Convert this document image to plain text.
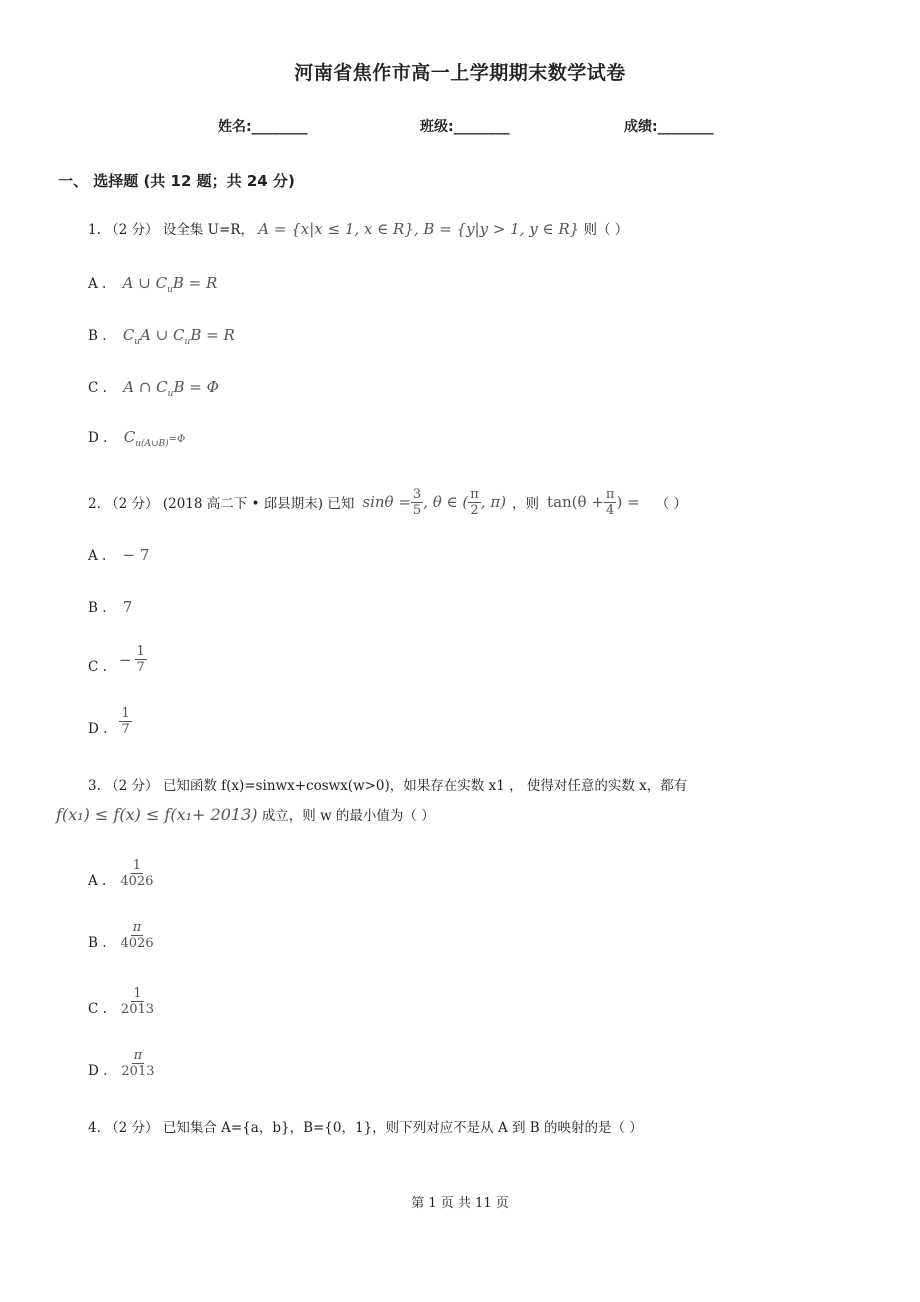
河南省焦作市高一上学期期末数学试卷
姓名:________	班级:________	成绩:________
一、 选择题 (共 12 题；共 24 分)
1. （2 分） 设全集 U=R， A = {x|x ≤ 1, x ∈ R}, B = {y|y > 1, y ∈ R} 则（ ）
A . A ∪ $C_uB = R$
B . $C_uA$ ∪ $C_uB = R$
C . A ∩ $C_uB = \Phi$
D . $C_{u(A\cup B)}=\Phi$
2. （2 分） (2018 高二下 • 邱县期末) 已知 $\sin\theta = \frac{3}{5}$ , θ ∈ ( $\frac{\pi}{2}$ , π) ，则 $\tan(\theta + \frac{\pi}{4}$ ) = （ ）
A . − 7
B . 7
C . − $\frac{1}{7}$
D . $\frac{1}{7}$
3. （2 分） 已知函数 f(x)=sinwx+coswx(w>0)，如果存在实数 x1 ， 使得对任意的实数 x，都有
f(x₁) ≤ f(x) ≤ f(x₁+ 2013) 成立，则 w 的最小值为（ ）
A . $\frac{1}{4026}$
B . $\frac{\pi}{4026}$
C . $\frac{1}{2013}$
D . $\frac{\pi}{2013}$
4. （2 分） 已知集合 A={a，b}，B={0，1}，则下列对应不是从 A 到 B 的映射的是（ ）
第 1 页 共 11 页
